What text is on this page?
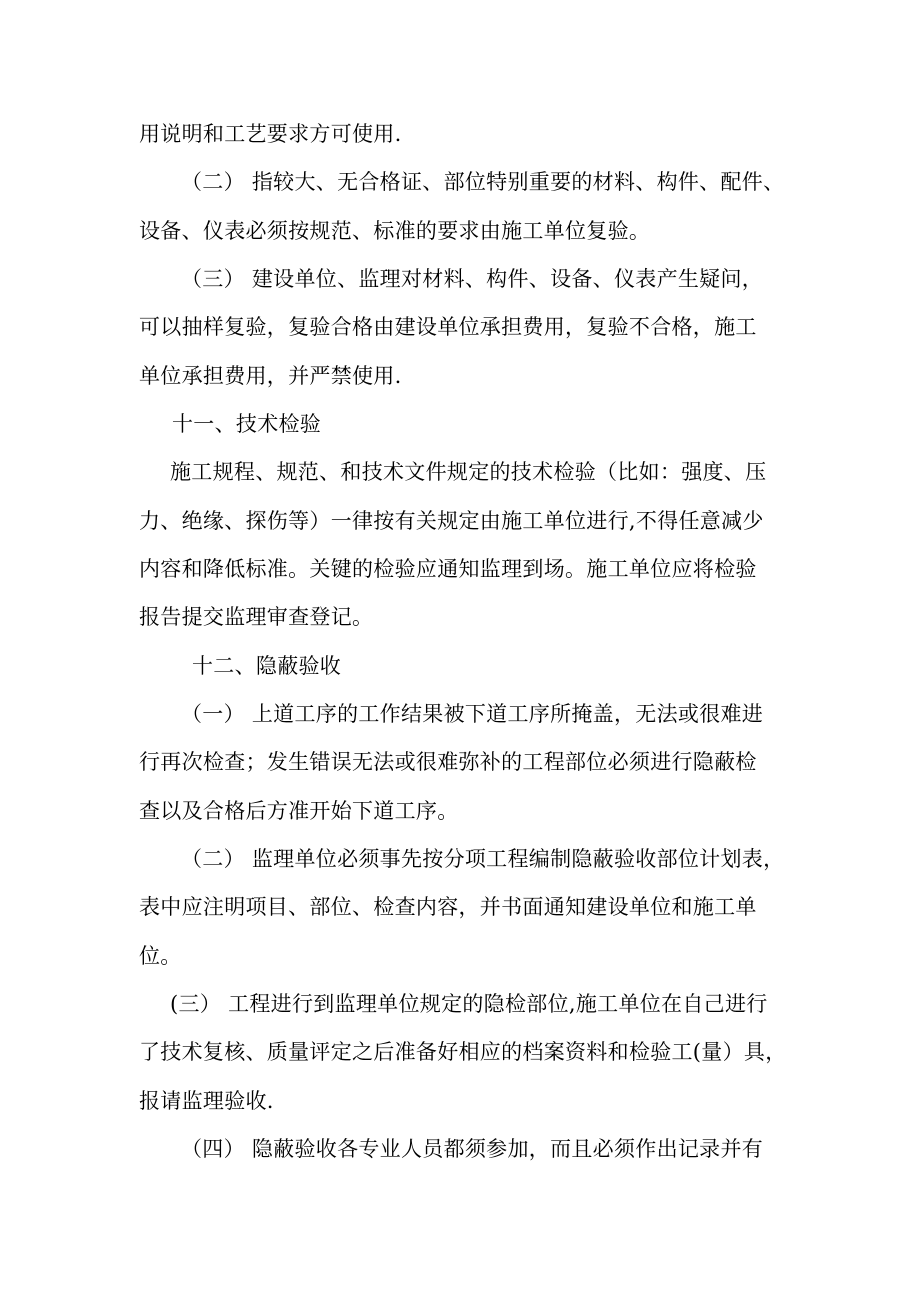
用说明和工艺要求方可使用.
（二） 指较大、无合格证、部位特别重要的材料、构件、配件、
设备、仪表必须按规范、标准的要求由施工单位复验。
（三） 建设单位、监理对材料、构件、设备、仪表产生疑问，
可以抽样复验，复验合格由建设单位承担费用，复验不合格，施工
单位承担费用，并严禁使用.
十一、技术检验
施工规程、规范、和技术文件规定的技术检验（比如：强度、压
力、绝缘、探伤等）一律按有关规定由施工单位进行,不得任意减少
内容和降低标准。关键的检验应通知监理到场。施工单位应将检验
报告提交监理审查登记。
十二、隐蔽验收
（一） 上道工序的工作结果被下道工序所掩盖，无法或很难进
行再次检查；发生错误无法或很难弥补的工程部位必须进行隐蔽检
查以及合格后方准开始下道工序。
（二） 监理单位必须事先按分项工程编制隐蔽验收部位计划表，
表中应注明项目、部位、检查内容，并书面通知建设单位和施工单
位。
(三） 工程进行到监理单位规定的隐检部位,施工单位在自己进行
了技术复核、质量评定之后准备好相应的档案资料和检验工(量）具，
报请监理验收.
（四） 隐蔽验收各专业人员都须参加，而且必须作出记录并有
